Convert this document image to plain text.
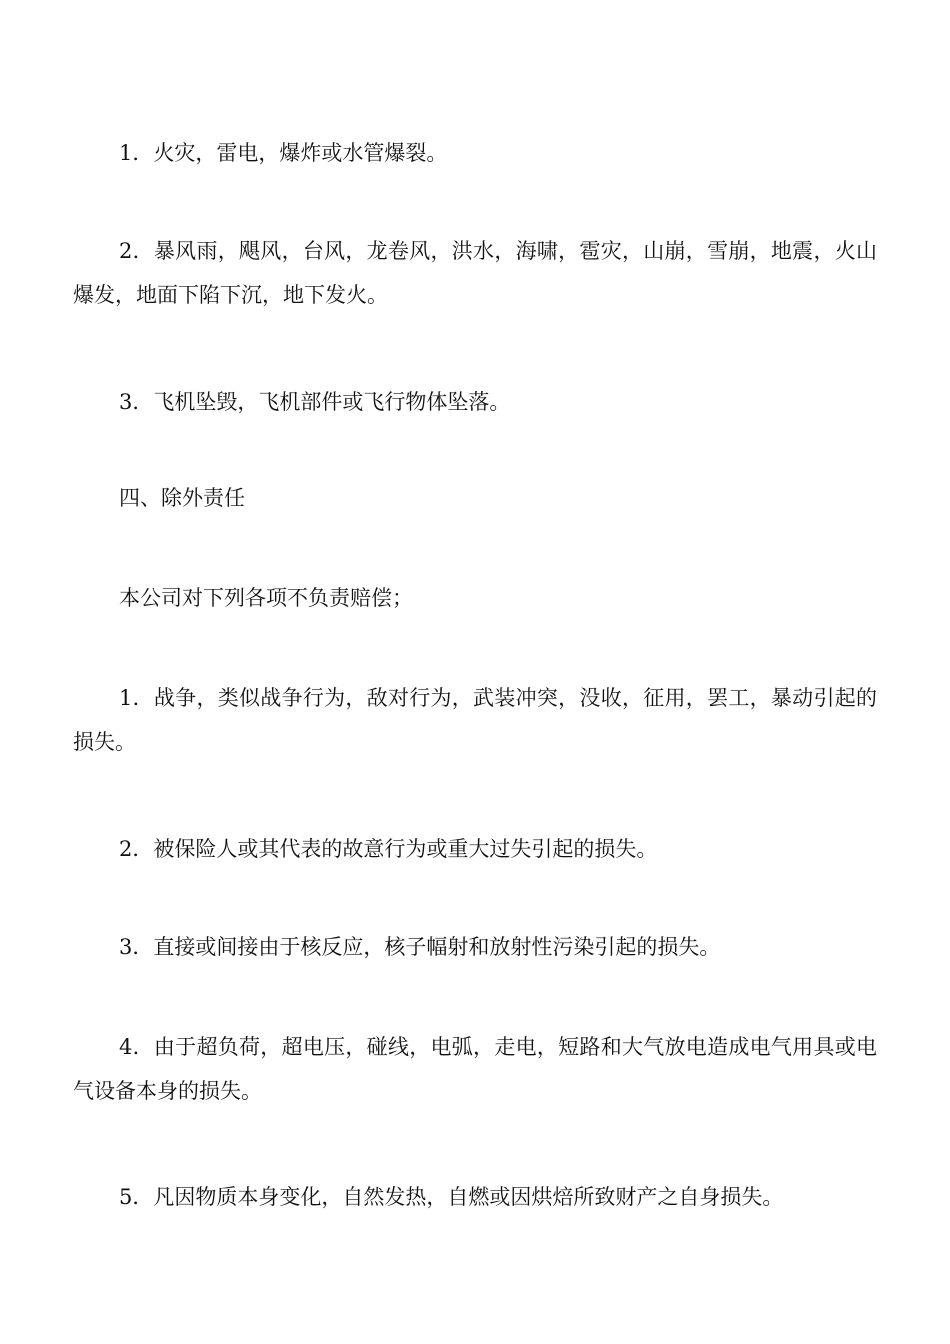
1．火灾，雷电，爆炸或水管爆裂。

2．暴风雨，飓风，台风，龙卷风，洪水，海啸，雹灾，山崩，雪崩，地震，火山爆发，地面下陷下沉，地下发火。

3．飞机坠毁，飞机部件或飞行物体坠落。

四、除外责任

本公司对下列各项不负责赔偿；

1．战争，类似战争行为，敌对行为，武装冲突，没收，征用，罢工，暴动引起的损失。

2．被保险人或其代表的故意行为或重大过失引起的损失。

3．直接或间接由于核反应，核子幅射和放射性污染引起的损失。

4．由于超负荷，超电压，碰线，电弧，走电，短路和大气放电造成电气用具或电气设备本身的损失。

5．凡因物质本身变化，自然发热，自燃或因烘焙所致财产之自身损失。
